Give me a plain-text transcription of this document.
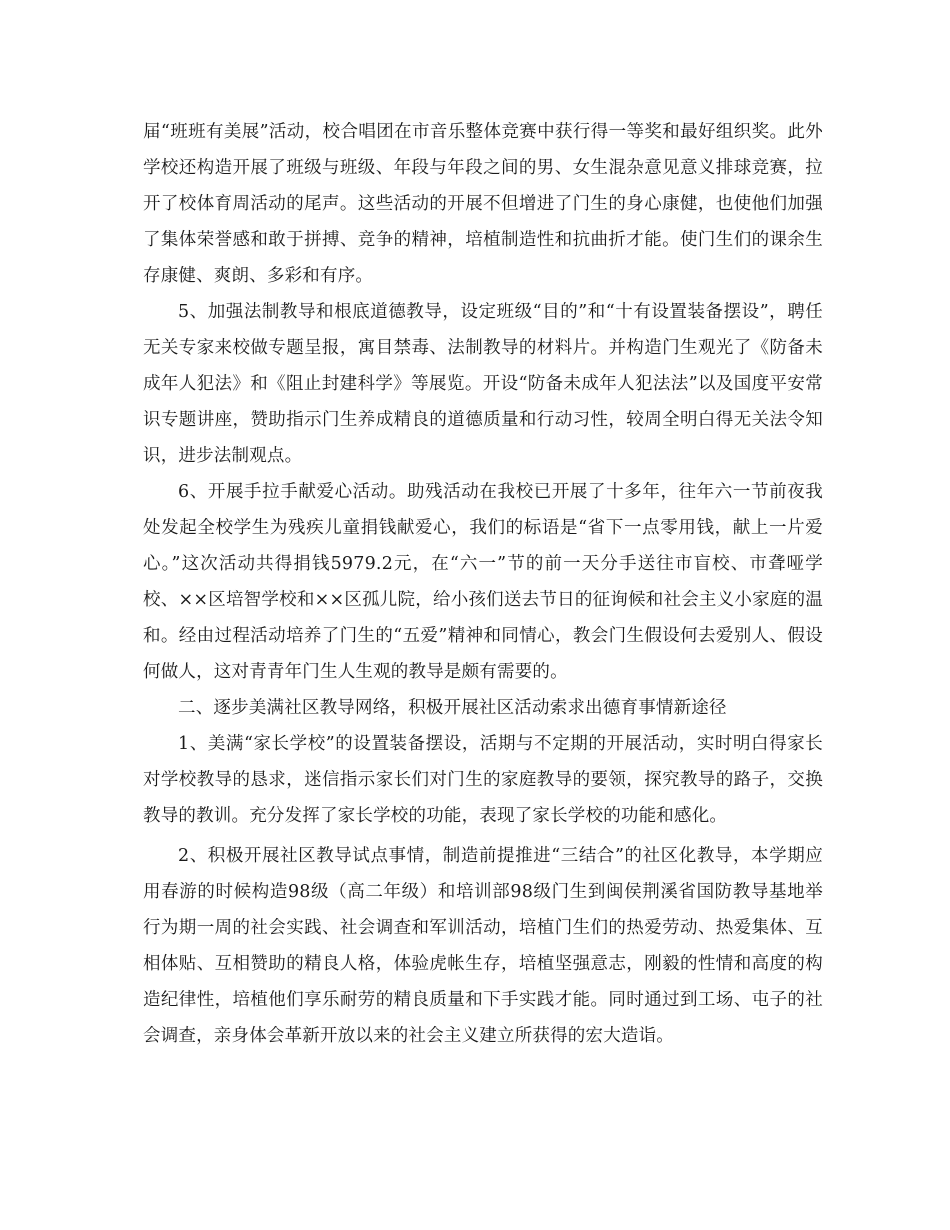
届“班班有美展”活动，校合唱团在市音乐整体竞赛中获行得一等奖和最好组织奖。此外学校还构造开展了班级与班级、年段与年段之间的男、女生混杂意见意义排球竞赛，拉开了校体育周活动的尾声。这些活动的开展不但增进了门生的身心康健，也使他们加强了集体荣誉感和敢于拼搏、竞争的精神，培植制造性和抗曲折才能。使门生们的课余生存康健、爽朗、多彩和有序。

5、加强法制教导和根底道德教导，设定班级“目的”和“十有设置装备摆设”，聘任无关专家来校做专题呈报，寓目禁毒、法制教导的材料片。并构造门生观光了《防备未成年人犯法》和《阻止封建科学》等展览。开设“防备未成年人犯法法”以及国度平安常识专题讲座，赞助指示门生养成精良的道德质量和行动习性，较周全明白得无关法令知识，进步法制观点。

6、开展手拉手献爱心活动。助残活动在我校已开展了十多年，往年六一节前夜我处发起全校学生为残疾儿童捐钱献爱心，我们的标语是“省下一点零用钱，献上一片爱心。”这次活动共得捐钱5979.2元，在“六一”节的前一天分手送往市盲校、市聋哑学校、××区培智学校和××区孤儿院，给小孩们送去节日的征询候和社会主义小家庭的温和。经由过程活动培养了门生的“五爱”精神和同情心，教会门生假设何去爱别人、假设何做人，这对青青年门生人生观的教导是颇有需要的。

二、逐步美满社区教导网络，积极开展社区活动索求出德育事情新途径

1、美满“家长学校”的设置装备摆设，活期与不定期的开展活动，实时明白得家长对学校教导的恳求，迷信指示家长们对门生的家庭教导的要领，探究教导的路子，交换教导的教训。充分发挥了家长学校的功能，表现了家长学校的功能和感化。

2、积极开展社区教导试点事情，制造前提推进“三结合”的社区化教导，本学期应用春游的时候构造98级（高二年级）和培训部98级门生到闽侯荆溪省国防教导基地举行为期一周的社会实践、社会调查和军训活动，培植门生们的热爱劳动、热爱集体、互相体贴、互相赞助的精良人格，体验虎帐生存，培植坚强意志，刚毅的性情和高度的构造纪律性，培植他们享乐耐劳的精良质量和下手实践才能。同时通过到工场、屯子的社会调查，亲身体会革新开放以来的社会主义建立所获得的宏大造诣。
